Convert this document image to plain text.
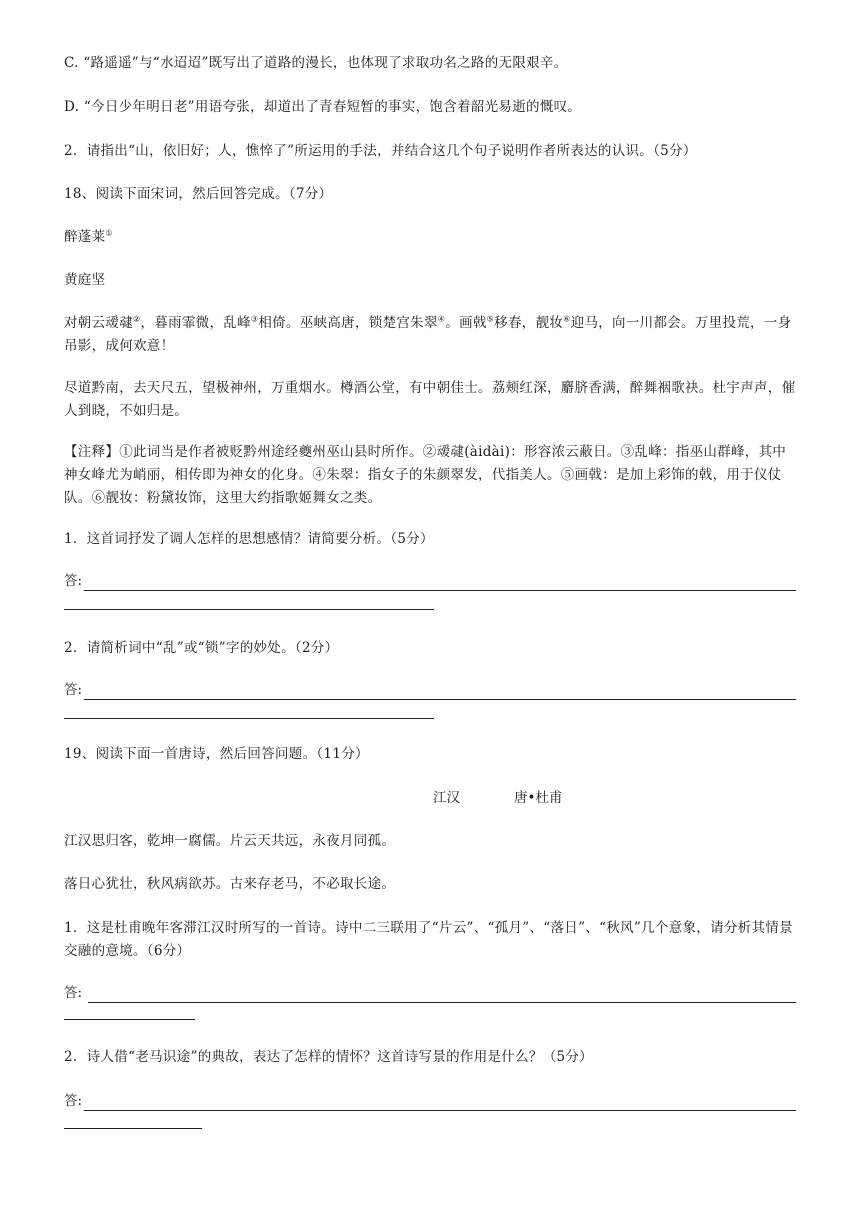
C. “路遥遥”与“水迢迢”既写出了道路的漫长，也体现了求取功名之路的无限艰辛。
D. “今日少年明日老”用语夸张，却道出了青春短暂的事实，饱含着韶光易逝的慨叹。
2．请指出“山，依旧好；人，憔悴了”所运用的手法，并结合这几个句子说明作者所表达的认识。（5分）
18、阅读下面宋词，然后回答完成。（7分）
醉蓬莱①
黄庭坚
对朝云叆叇②，暮雨霏微，乱峰③相倚。巫峡高唐，锁楚宫朱翠④。画戟⑤移春，靓妆⑥迎马，向一川都会。万里投荒，一身吊影，成何欢意！
尽道黔南，去天尺五，望极神州，万重烟水。樽酒公堂，有中朝佳士。荔颊红深，麝脐香满，醉舞裀歌袂。杜宇声声，催人到晓，不如归是。
【注释】①此词当是作者被贬黔州途经夔州巫山县时所作。②叆叇(àidài)：形容浓云蔽日。③乱峰：指巫山群峰，其中神女峰尤为峭丽，相传即为神女的化身。④朱翠：指女子的朱颜翠发，代指美人。⑤画戟：是加上彩饰的戟，用于仪仗队。⑥靓妆：粉黛妆饰，这里大约指歌姬舞女之类。
1．这首词抒发了调人怎样的思想感情？请简要分析。（5分）
答:
2．请简析词中“乱”或“锁”字的妙处。（2分）
答:
19、阅读下面一首唐诗，然后回答问题。（11分）
江汉	唐•杜甫
江汉思归客，乾坤一腐儒。片云天共远，永夜月同孤。
落日心犹壮，秋风病欲苏。古来存老马，不必取长途。
1．这是杜甫晚年客滞江汉时所写的一首诗。诗中二三联用了“片云”、“孤月”、“落日”、“秋风”几个意象，请分析其情景交融的意境。（6分）
答:
2．诗人借“老马识途”的典故，表达了怎样的情怀？这首诗写景的作用是什么？（5分）
答:
